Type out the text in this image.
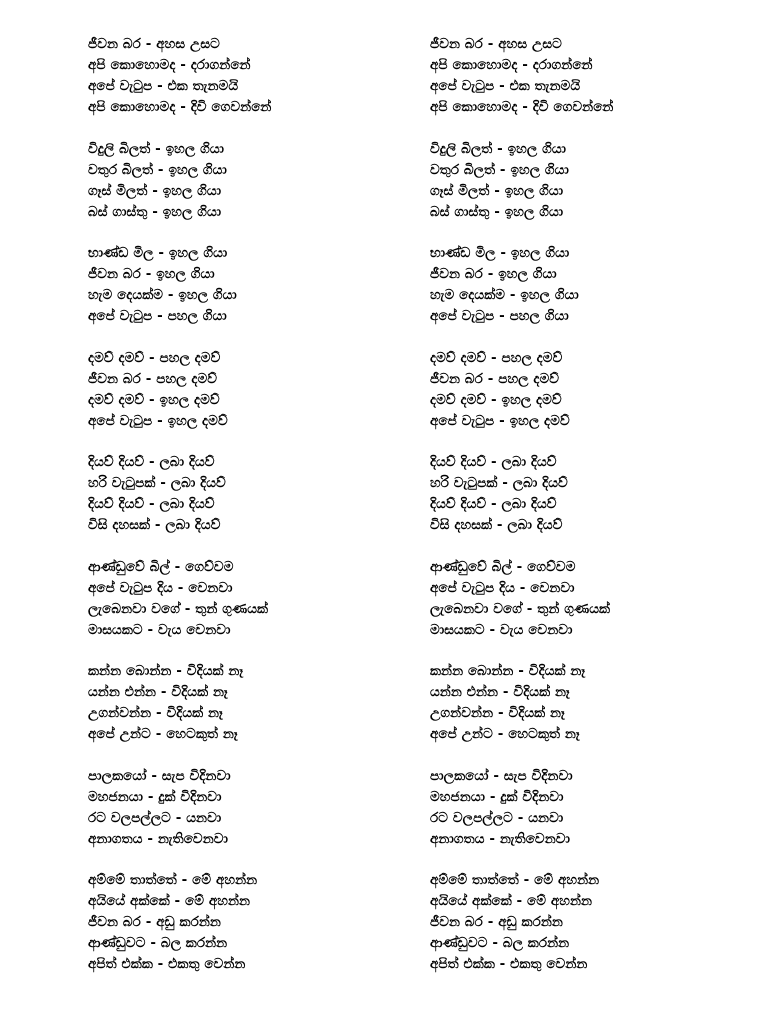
ජීවන බර - අහස උසට
අපි කොහොමද - දරාගන්නේ
අපේ වැටුප - එක තැනමයි
අපි කොහොමද - දිවි ගෙවන්නේ
විදුලි බිලත් - ඉහල ගියා
වතුර බිලත් - ඉහල ගියා
ගෑස් මිලත් - ඉහල ගියා
බස් ගාස්තු - ඉහල ගියා
භාණ්ඩ මිල - ඉහල ගියා
ජීවන බර - ඉහල ගියා
හැම දෙයක්ම - ඉහල ගියා
අපේ වැටුප - පහල ගියා
දමව් දමව් - පහල දමව්
ජීවන බර - පහල දමව්
දමව් දමව් - ඉහල දමව්
අපේ වැටුප - ඉහල දමව්
දියව් දියව් - ලබා දියව්
හරි වැටුපක් - ලබා දියව්
දියව් දියව් - ලබා දියව්
විසි දහසක් - ලබා දියව්
ආණ්ඩුවේ බිල් - ගෙව්වම
අපේ වැටුප දිය - වෙනවා
ලැබෙනවා වගේ - තුන් ගුණයක්
මාසයකට - වැය වෙනවා
කන්න බොන්න - විදියක් නෑ
යන්න එන්න - විදියක් නෑ
උගන්වන්න - විදියක් නෑ
අපේ උන්ට - හෙටකුත් නෑ
පාලකයෝ - සැප විදිනවා
මහජනයා - දුක් විදිනවා
රට වලපල්ලට - යනවා
අනාගතය - නැතිවෙනවා
අම්මේ තාත්තේ - මේ අහන්න
අයියේ අක්කේ - මේ අහන්න
ජීවන බර - අඩු කරන්න
ආණ්ඩුවට - බල කරන්න
අපිත් එක්ක - එකතු වෙන්න
ජීවන බර - අහස උසට
අපි කොහොමද - දරාගන්නේ
අපේ වැටුප - එක තැනමයි
අපි කොහොමද - දිවි ගෙවන්නේ
විදුලි බිලත් - ඉහල ගියා
වතුර බිලත් - ඉහල ගියා
ගෑස් මිලත් - ඉහල ගියා
බස් ගාස්තු - ඉහල ගියා
භාණ්ඩ මිල - ඉහල ගියා
ජීවන බර - ඉහල ගියා
හැම දෙයක්ම - ඉහල ගියා
අපේ වැටුප - පහල ගියා
දමව් දමව් - පහල දමව්
ජීවන බර - පහල දමව්
දමව් දමව් - ඉහල දමව්
අපේ වැටුප - ඉහල දමව්
දියව් දියව් - ලබා දියව්
හරි වැටුපක් - ලබා දියව්
දියව් දියව් - ලබා දියව්
විසි දහසක් - ලබා දියව්
ආණ්ඩුවේ බිල් - ගෙව්වම
අපේ වැටුප දිය - වෙනවා
ලැබෙනවා වගේ - තුන් ගුණයක්
මාසයකට - වැය වෙනවා
කන්න බොන්න - විදියක් නෑ
යන්න එන්න - විදියක් නෑ
උගන්වන්න - විදියක් නෑ
අපේ උන්ට - හෙටකුත් නෑ
පාලකයෝ - සැප විදිනවා
මහජනයා - දුක් විදිනවා
රට වලපල්ලට - යනවා
අනාගතය - නැතිවෙනවා
අම්මේ තාත්තේ - මේ අහන්න
අයියේ අක්කේ - මේ අහන්න
ජීවන බර - අඩු කරන්න
ආණ්ඩුවට - බල කරන්න
අපිත් එක්ක - එකතු වෙන්න
